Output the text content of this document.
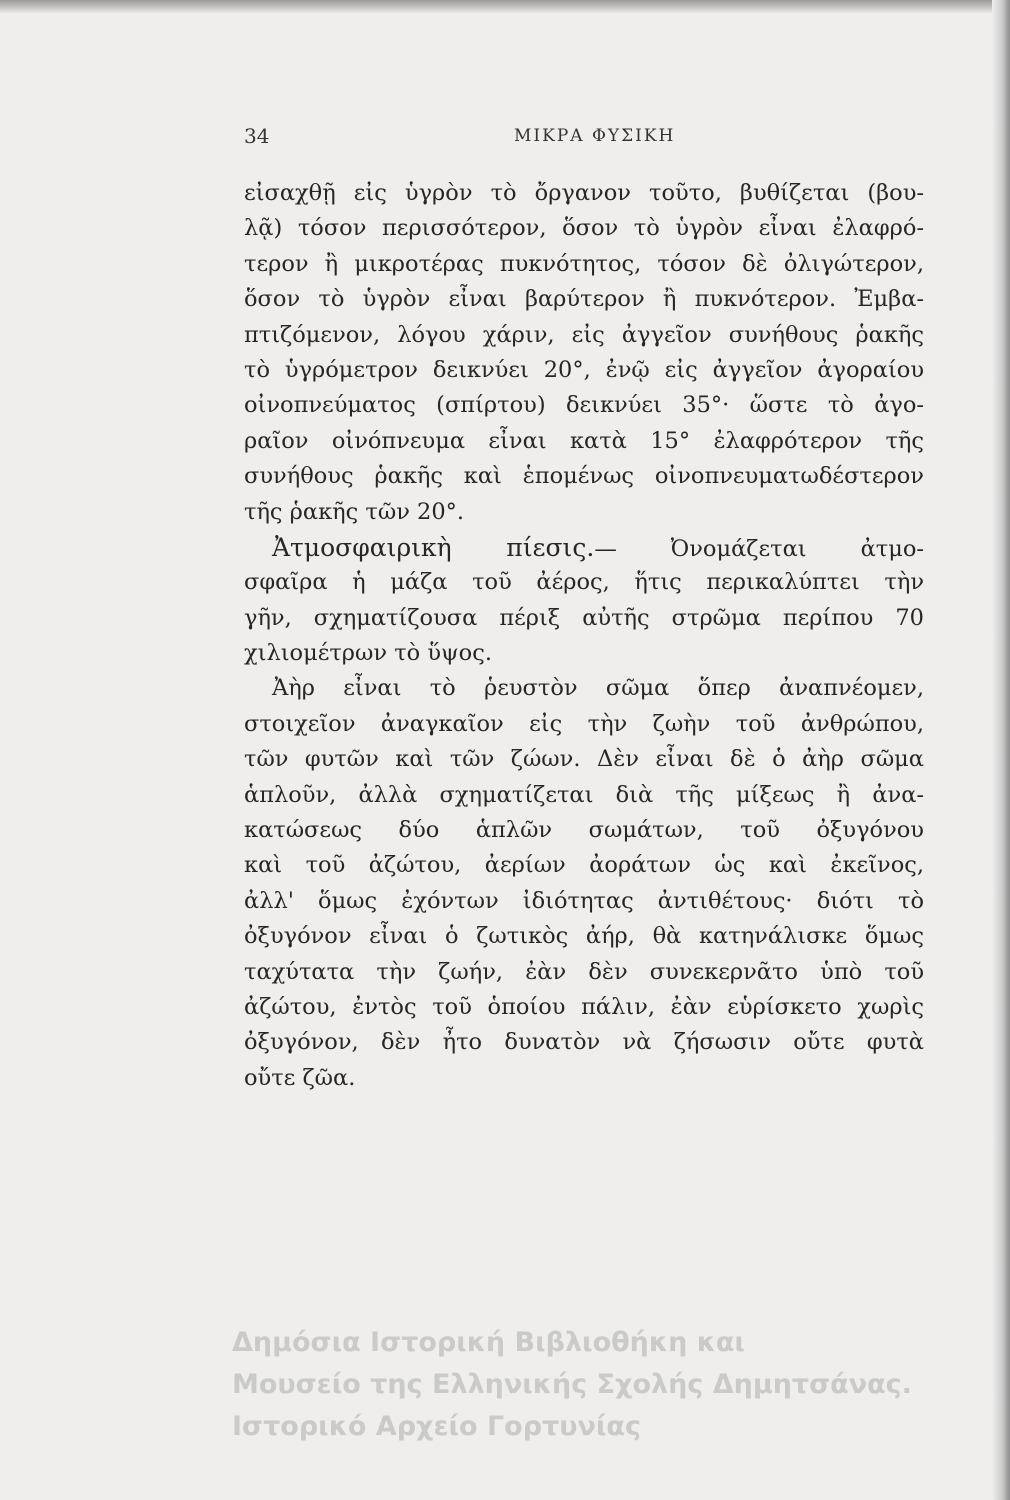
34	ΜΙΚΡΑ ΦΥΣΙΚΗ
εἰσαχθῇ εἰς ὑγρὸν τὸ ὄργανον τοῦτο, βυθίζεται (βου-
λᾷ) τόσον περισσότερον, ὅσον τὸ ὑγρὸν εἶναι ἐλαφρό-
τερον ἢ μικροτέρας πυκνότητος, τόσον δὲ ὀλιγώτερον,
ὅσον τὸ ὑγρὸν εἶναι βαρύτερον ἢ πυκνότερον. Ἐμβα-
πτιζόμενον, λόγου χάριν, εἰς ἀγγεῖον συνήθους ῥακῆς
τὸ ὑγρόμετρον δεικνύει 20°, ἐνῷ εἰς ἀγγεῖον ἀγοραίου
οἰνοπνεύματος (σπίρτου) δεικνύει 35°· ὥστε τὸ ἀγο-
ραῖον οἰνόπνευμα εἶναι κατὰ 15° ἐλαφρότερον τῆς
συνήθους ῥακῆς καὶ ἑπομένως οἰνοπνευματωδέστερον
τῆς ῥακῆς τῶν 20°.
Ἀτμοσφαιρικὴ πίεσις.— Ὀνομάζεται ἀτμο-
σφαῖρα ἡ μάζα τοῦ ἀέρος, ἥτις περικαλύπτει τὴν
γῆν, σχηματίζουσα πέριξ αὐτῆς στρῶμα περίπου 70
χιλιομέτρων τὸ ὕψος.
Ἀὴρ εἶναι τὸ ῥευστὸν σῶμα ὅπερ ἀναπνέομεν,
στοιχεῖον ἀναγκαῖον εἰς τὴν ζωὴν τοῦ ἀνθρώπου,
τῶν φυτῶν καὶ τῶν ζώων. Δὲν εἶναι δὲ ὁ ἀὴρ σῶμα
ἁπλοῦν, ἀλλὰ σχηματίζεται διὰ τῆς μίξεως ἢ ἀνα-
κατώσεως δύο ἁπλῶν σωμάτων, τοῦ ὀξυγόνου
καὶ τοῦ ἀζώτου, ἀερίων ἀοράτων ὡς καὶ ἐκεῖνος,
ἀλλ' ὅμως ἐχόντων ἰδιότητας ἀντιθέτους· διότι τὸ
ὀξυγόνον εἶναι ὁ ζωτικὸς ἀήρ, θὰ κατηνάλισκε ὅμως
ταχύτατα τὴν ζωήν, ἐὰν δὲν συνεκερνᾶτο ὑπὸ τοῦ
ἀζώτου, ἐντὸς τοῦ ὁποίου πάλιν, ἐὰν εὑρίσκετο χωρὶς
ὀξυγόνον, δὲν ἦτο δυνατὸν νὰ ζήσωσιν οὔτε φυτὰ
οὔτε ζῶα.
Δημόσια Ιστορική Βιβλιοθήκη και
Μουσείο της Ελληνικής Σχολής Δημητσάνας.
Ιστορικό Αρχείο Γορτυνίας
